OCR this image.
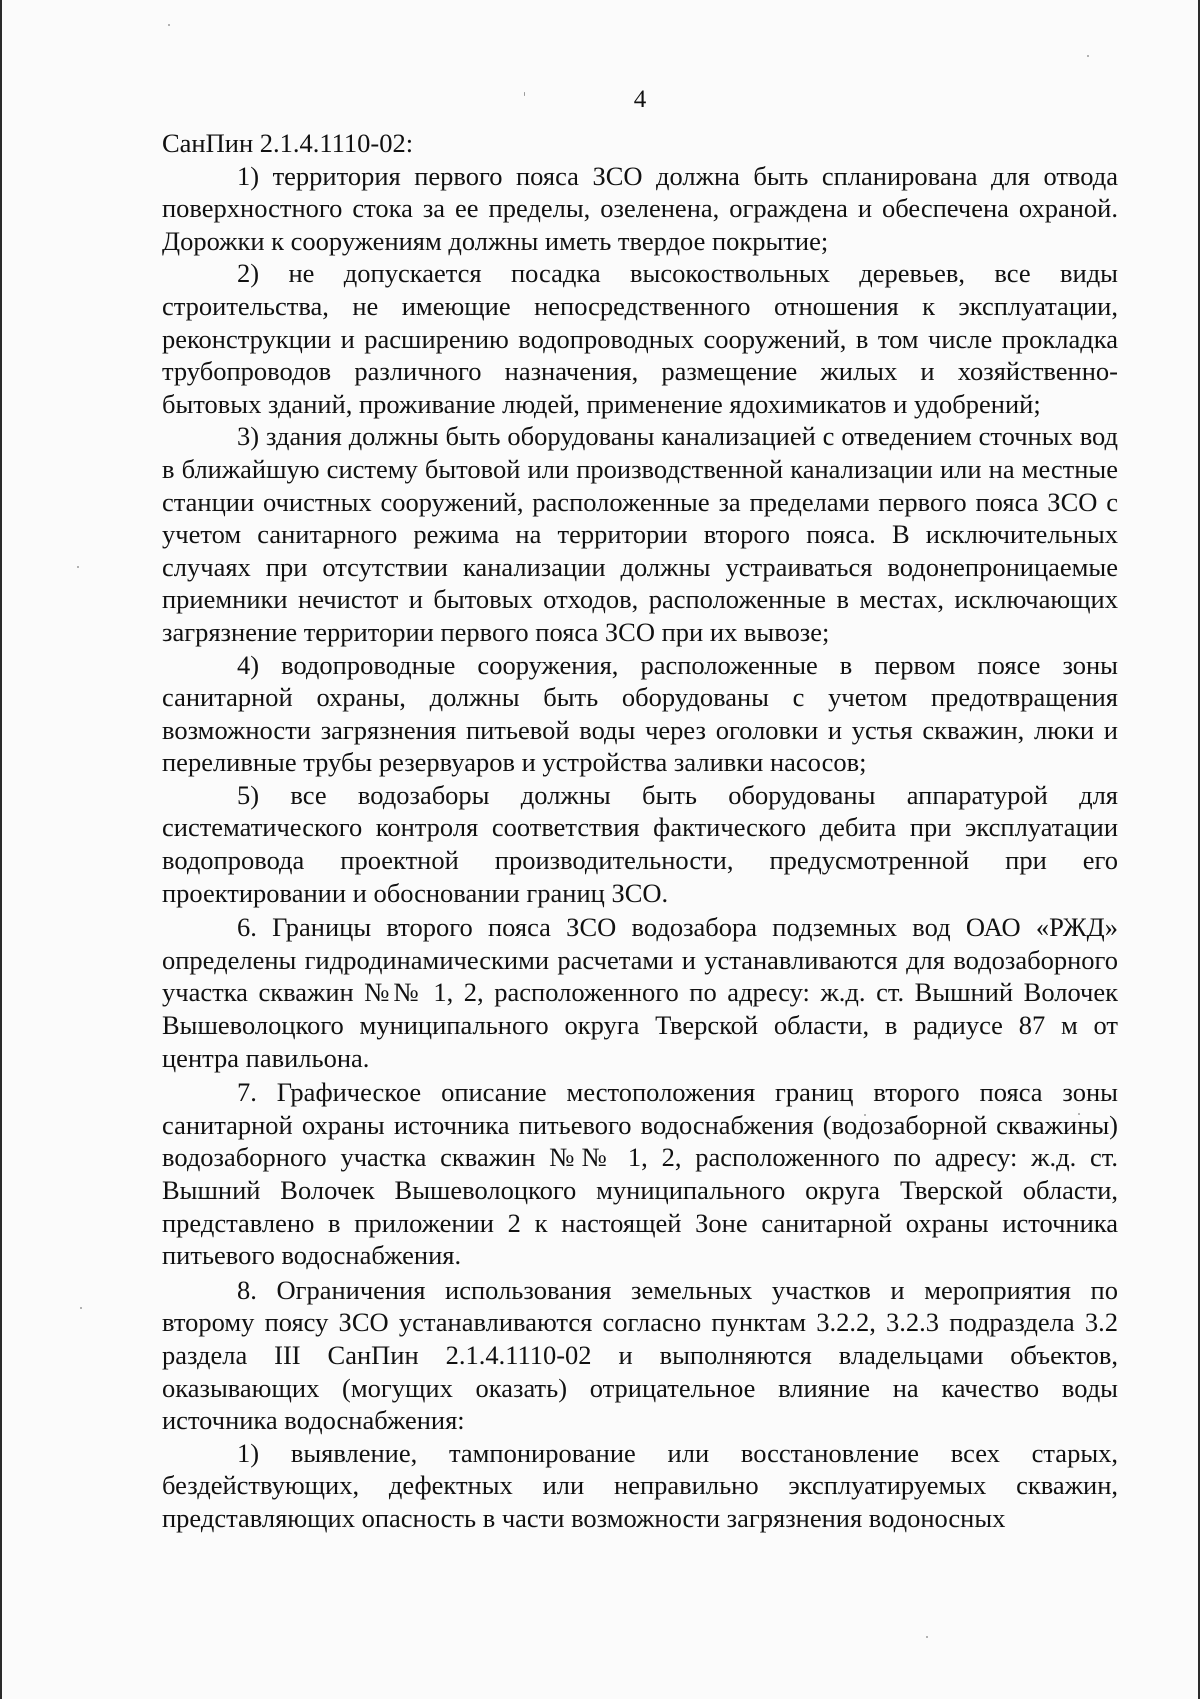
4

СанПин 2.1.4.1110-02:

1) территория первого пояса ЗСО должна быть спланирована для отвода поверхностного стока за ее пределы, озеленена, ограждена и обеспечена охраной. Дорожки к сооружениям должны иметь твердое покрытие;

2) не допускается посадка высокоствольных деревьев, все виды строительства, не имеющие непосредственного отношения к эксплуатации, реконструкции и расширению водопроводных сооружений, в том числе прокладка трубопроводов различного назначения, размещение жилых и хозяйственно-бытовых зданий, проживание людей, применение ядохимикатов и удобрений;

3) здания должны быть оборудованы канализацией с отведением сточных вод в ближайшую систему бытовой или производственной канализации или на местные станции очистных сооружений, расположенные за пределами первого пояса ЗСО с учетом санитарного режима на территории второго пояса. В исключительных случаях при отсутствии канализации должны устраиваться водонепроницаемые приемники нечистот и бытовых отходов, расположенные в местах, исключающих загрязнение территории первого пояса ЗСО при их вывозе;

4) водопроводные сооружения, расположенные в первом поясе зоны санитарной охраны, должны быть оборудованы с учетом предотвращения возможности загрязнения питьевой воды через оголовки и устья скважин, люки и переливные трубы резервуаров и устройства заливки насосов;

5) все водозаборы должны быть оборудованы аппаратурой для систематического контроля соответствия фактического дебита при эксплуатации водопровода проектной производительности, предусмотренной при его проектировании и обосновании границ ЗСО.

6. Границы второго пояса ЗСО водозабора подземных вод ОАО «РЖД» определены гидродинамическими расчетами и устанавливаются для водозаборного участка скважин №№ 1, 2, расположенного по адресу: ж.д. ст. Вышний Волочек Вышеволоцкого муниципального округа Тверской области, в радиусе 87 м от центра павильона.

7. Графическое описание местоположения границ второго пояса зоны санитарной охраны источника питьевого водоснабжения (водозаборной скважины) водозаборного участка скважин №№ 1, 2, расположенного по адресу: ж.д. ст. Вышний Волочек Вышеволоцкого муниципального округа Тверской области, представлено в приложении 2 к настоящей Зоне санитарной охраны источника питьевого водоснабжения.

8. Ограничения использования земельных участков и мероприятия по второму поясу ЗСО устанавливаются согласно пунктам 3.2.2, 3.2.3 подраздела 3.2 раздела III СанПин 2.1.4.1110-02 и выполняются владельцами объектов, оказывающих (могущих оказать) отрицательное влияние на качество воды источника водоснабжения:

1) выявление, тампонирование или восстановление всех старых, бездействующих, дефектных или неправильно эксплуатируемых скважин, представляющих опасность в части возможности загрязнения водоносных
